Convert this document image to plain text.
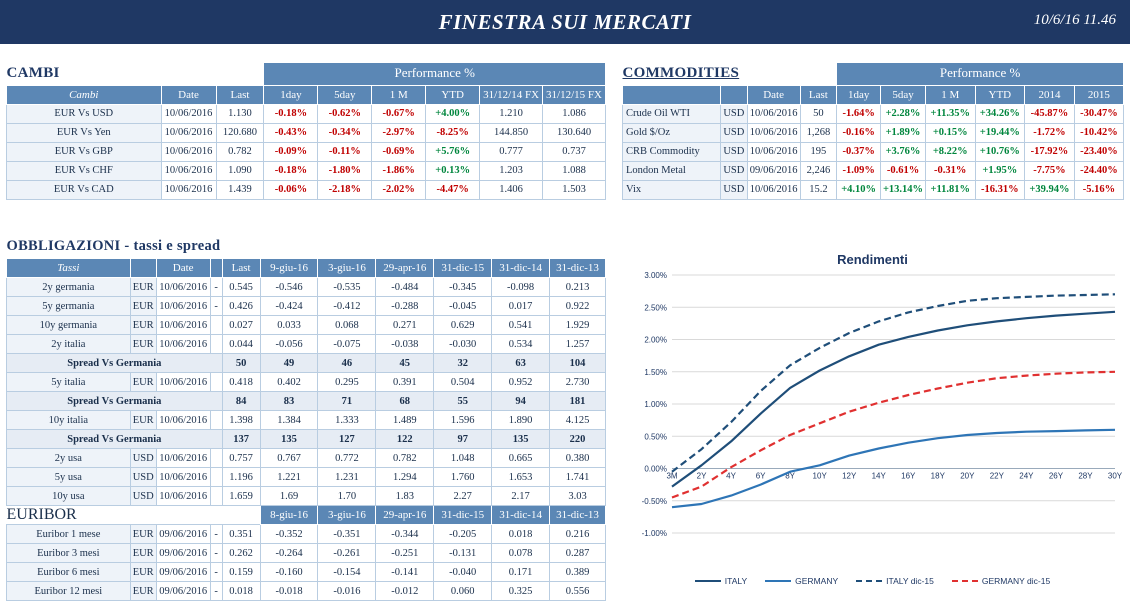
FINESTRA SUI MERCATI	10/6/16 11.46
CAMBI			Performance %					
Cambi	Date	Last	1day	5day	1 M	YTD	31/12/14 FX	31/12/15 FX
EUR Vs USD	10/06/2016	1.130	-0.18%	-0.62%	-0.67%	+4.00%	1.210	1.086
EUR Vs Yen	10/06/2016	120.680	-0.43%	-0.34%	-2.97%	-8.25%	144.850	130.640
EUR Vs GBP	10/06/2016	0.782	-0.09%	-0.11%	-0.69%	+5.76%	0.777	0.737
EUR Vs CHF	10/06/2016	1.090	-0.18%	-1.80%	-1.86%	+0.13%	1.203	1.088
EUR Vs CAD	10/06/2016	1.439	-0.06%	-2.18%	-2.02%	-4.47%	1.406	1.503
COMMODITIES				Performance %					
		Date	Last	1day	5day	1 M	YTD	2014	2015
Crude Oil WTI	USD	10/06/2016	50	-1.64%	+2.28%	+11.35%	+34.26%	-45.87%	-30.47%
Gold $/Oz	USD	10/06/2016	1,268	-0.16%	+1.89%	+0.15%	+19.44%	-1.72%	-10.42%
CRB Commodity	USD	10/06/2016	195	-0.37%	+3.76%	+8.22%	+10.76%	-17.92%	-23.40%
London Metal	USD	09/06/2016	2,246	-1.09%	-0.61%	-0.31%	+1.95%	-7.75%	-24.40%
Vix	USD	10/06/2016	15.2	+4.10%	+13.14%	+11.81%	-16.31%	+39.94%	-5.16%
OBBLIGAZIONI - tassi e spread										
Tassi		Date		Last	9-giu-16	3-giu-16	29-apr-16	31-dic-15	31-dic-14	31-dic-13
2y germania	EUR	10/06/2016	-	0.545	-0.546	-0.535	-0.484	-0.345	-0.098	0.213
5y germania	EUR	10/06/2016	-	0.426	-0.424	-0.412	-0.288	-0.045	0.017	0.922
10y germania	EUR	10/06/2016		0.027	0.033	0.068	0.271	0.629	0.541	1.929
2y italia	EUR	10/06/2016		0.044	-0.056	-0.075	-0.038	-0.030	0.534	1.257
Spread Vs Germania				50	49	46	45	32	63	104
5y italia	EUR	10/06/2016		0.418	0.402	0.295	0.391	0.504	0.952	2.730
Spread Vs Germania				84	83	71	68	55	94	181
10y italia	EUR	10/06/2016		1.398	1.384	1.333	1.489	1.596	1.890	4.125
Spread Vs Germania				137	135	127	122	97	135	220
2y usa	USD	10/06/2016		0.757	0.767	0.772	0.782	1.048	0.665	0.380
5y usa	USD	10/06/2016		1.196	1.221	1.231	1.294	1.760	1.653	1.741
10y usa	USD	10/06/2016		1.659	1.69	1.70	1.83	2.27	2.17	3.03
EURIBOR					8-giu-16	3-giu-16	29-apr-16	31-dic-15	31-dic-14	31-dic-13
Euribor 1 mese	EUR	09/06/2016	-	0.351	-0.352	-0.351	-0.344	-0.205	0.018	0.216
Euribor 3 mesi	EUR	09/06/2016	-	0.262	-0.264	-0.261	-0.251	-0.131	0.078	0.287
Euribor 6 mesi	EUR	09/06/2016	-	0.159	-0.160	-0.154	-0.141	-0.040	0.171	0.389
Euribor 12 mesi	EUR	09/06/2016	-	0.018	-0.018	-0.016	-0.012	0.060	0.325	0.556
Rendimenti
3.00%
2.50%
2.00%
1.50%
1.00%
0.50%
0.00%
-0.50%
-1.00%
3M 2Y 4Y 6Y 8Y 10Y 12Y 14Y 16Y 18Y 20Y 22Y 24Y 26Y 28Y 30Y
ITALY	GERMANY	ITALY dic-15	GERMANY dic-15
